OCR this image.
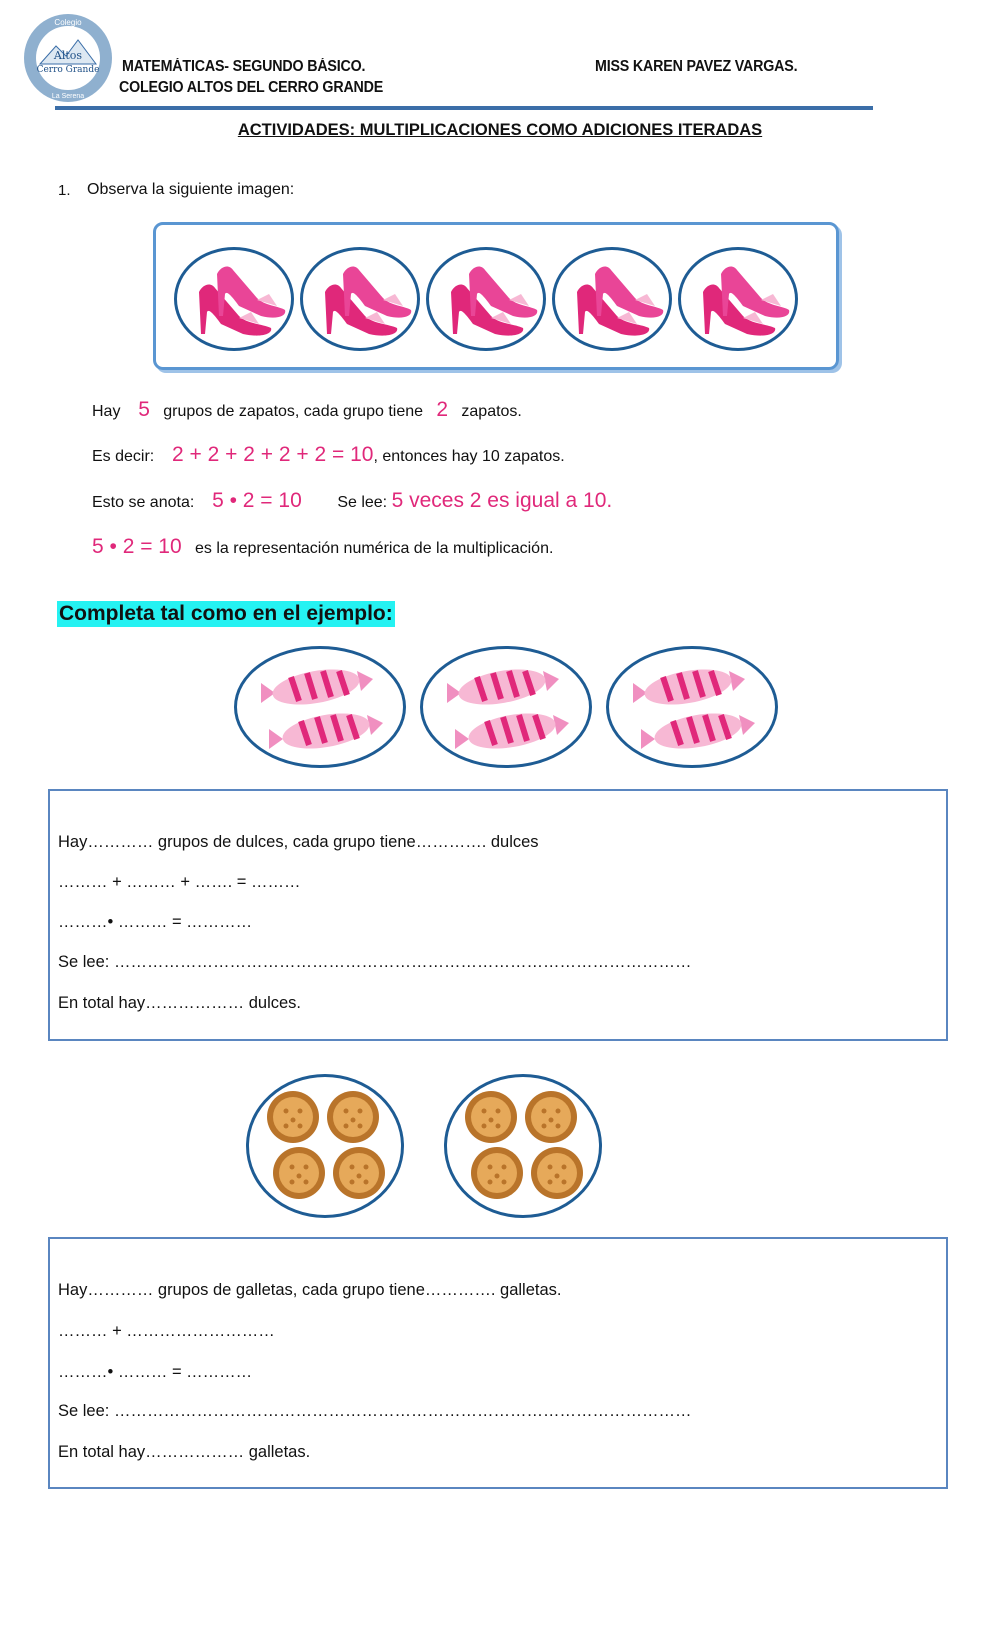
Altos
Cerro Grande
Colegio
La Serena
MATEMÁTICAS- SEGUNDO BÁSICO.
COLEGIO ALTOS DEL CERRO GRANDE
MISS KAREN PAVEZ VARGAS.
ACTIVIDADES: MULTIPLICACIONES COMO ADICIONES ITERADAS
1. Observa la siguiente imagen:
Hay 5 grupos de zapatos, cada grupo tiene 2 zapatos.
Es decir: 2 + 2 + 2 + 2 + 2 = 10, entonces hay 10 zapatos.
Esto se anota: 5 • 2 = 10 Se lee: 5 veces 2 es igual a 10.
5 • 2 = 10 es la representación numérica de la multiplicación.
Completa tal como en el ejemplo:
Hay………… grupos de dulces, cada grupo tiene…………. dulces
……… + ……… + ……. = ………
………• ……… = …………
Se lee: ……………………………………………………………………………………………
En total hay……………… dulces.
Hay………… grupos de galletas, cada grupo tiene…………. galletas.
……… + ………………………
………• ……… = …………
Se lee: ……………………………………………………………………………………………
En total hay……………… galletas.
